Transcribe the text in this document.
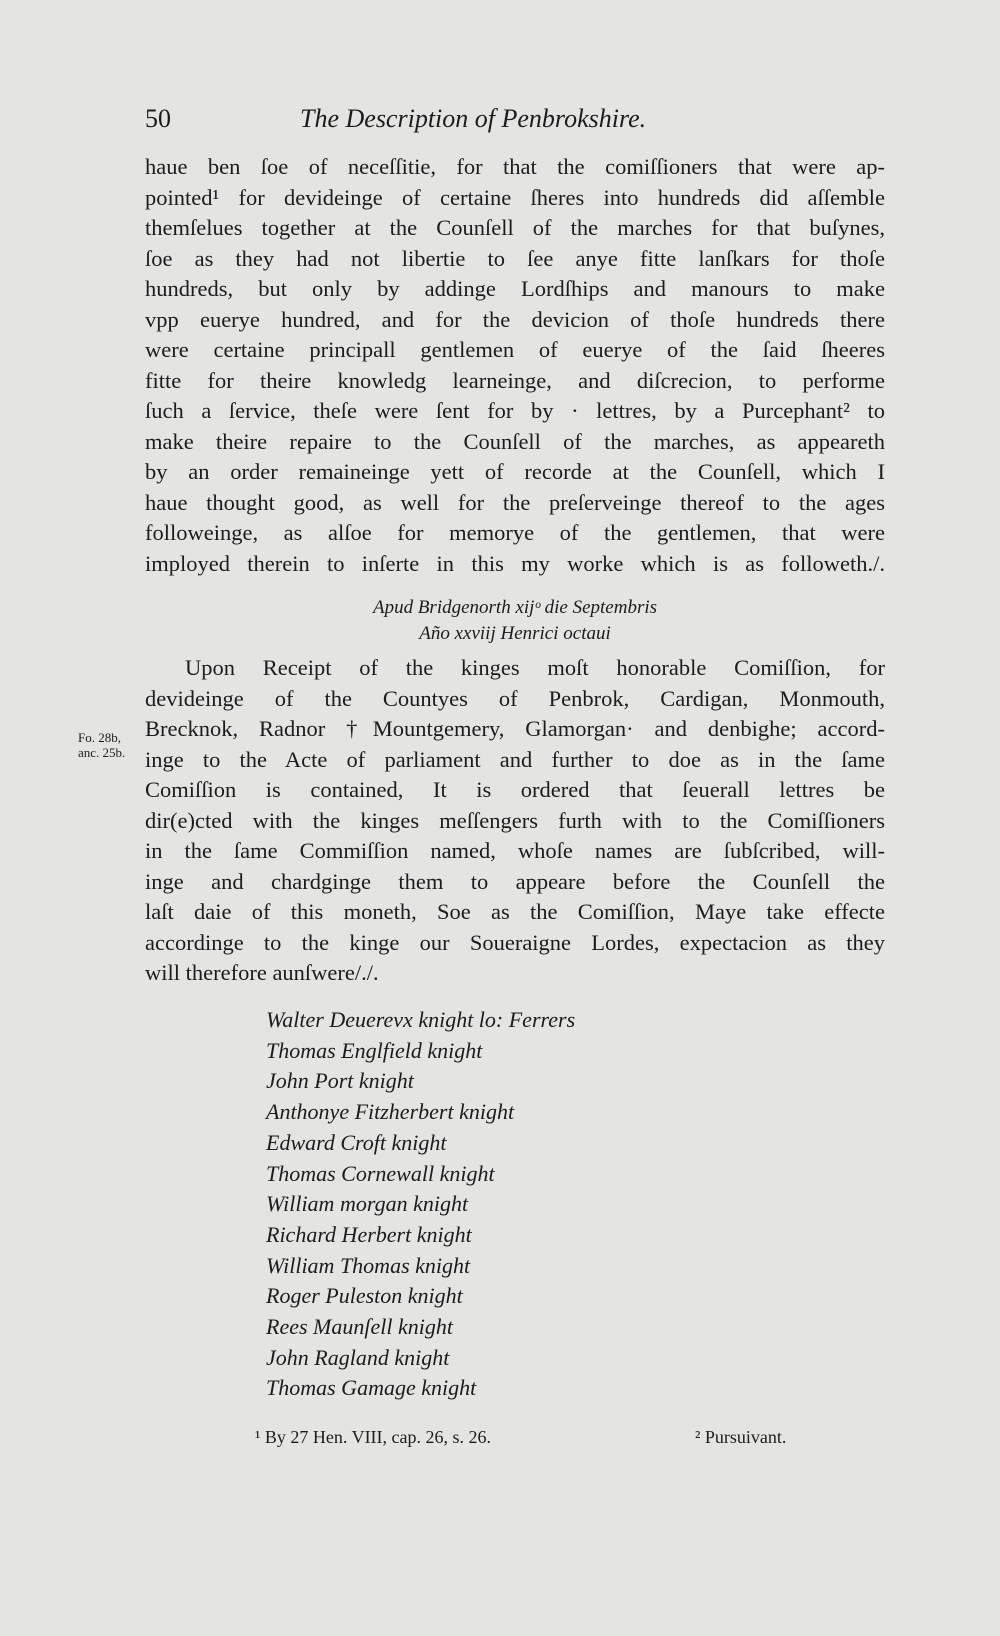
50	The Description of Penbrokshire.
haue ben ſoe of neceſſitie, for that the comiſſioners that were ap-
pointed¹ for devideinge of certaine ſheres into hundreds did aſſemble
themſelues together at the Counſell of the marches for that buſynes,
ſoe as they had not libertie to ſee anye fitte lanſkars for thoſe
hundreds, but only by addinge Lordſhips and manours to make
vpp euerye hundred, and for the devicion of thoſe hundreds there
were certaine principall gentlemen of euerye of the ſaid ſheeres
fitte for theire knowledg learneinge, and diſcrecion, to performe
ſuch a ſervice, theſe were ſent for by · lettres, by a Purcephant² to
make theire repaire to the Counſell of the marches, as appeareth
by an order remaineinge yett of recorde at the Counſell, which I
haue thought good, as well for the preſerveinge thereof to the ages
followeinge, as alſoe for memorye of the gentlemen, that were
imployed therein to inſerte in this my worke which is as followeth./.
Apud Bridgenorth xijᵒ die Septembris
Año xxviij Henrici octaui
Fo. 28b,
anc. 25b.
Upon Receipt of the kinges moſt honorable Comiſſion, for
devideinge of the Countyes of Penbrok, Cardigan, Monmouth,
Brecknok, Radnor †Mountgemery, Glamorgan· and denbighe; accord-
inge to the Acte of parliament and further to doe as in the ſame
Comiſſion is contained, It is ordered that ſeuerall lettres be
dir(e)cted with the kinges meſſengers furth with to the Comiſſioners
in the ſame Commiſſion named, whoſe names are ſubſcribed, will-
inge and chardginge them to appeare before the Counſell the
laſt daie of this moneth, Soe as the Comiſſion, Maye take effecte
accordinge to the kinge our Soueraigne Lordes, expectacion as they
will therefore aunſwere/./.
Walter Deuerevx knight lo: Ferrers
Thomas Englfield knight
John Port knight
Anthonye Fitzherbert knight
Edward Croft knight
Thomas Cornewall knight
William morgan knight
Richard Herbert knight
William Thomas knight
Roger Puleston knight
Rees Maunſell knight
John Ragland knight
Thomas Gamage knight
¹ By 27 Hen. VIII, cap. 26, s. 26.	² Pursuivant.
